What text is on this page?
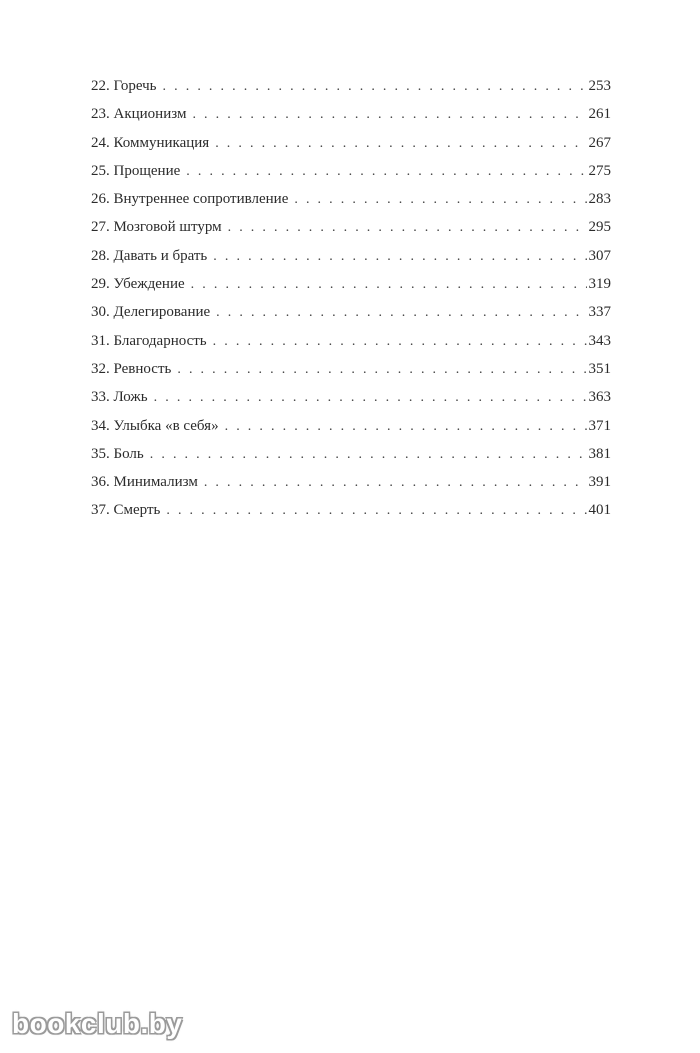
22. Горечь . . .	253
23. Акционизм . . .	261
24. Коммуникация . . .	267
25. Прощение . . .	275
26. Внутреннее сопротивление . . .	283
27. Мозговой штурм . . .	295
28. Давать и брать . . .	307
29. Убеждение . . .	319
30. Делегирование . . .	337
31. Благодарность . . .	343
32. Ревность . . .	351
33. Ложь . . .	363
34. Улыбка «в себя» . . .	371
35. Боль . . .	381
36. Минимализм . . .	391
37. Смерть . . .	401
bookclub.by
